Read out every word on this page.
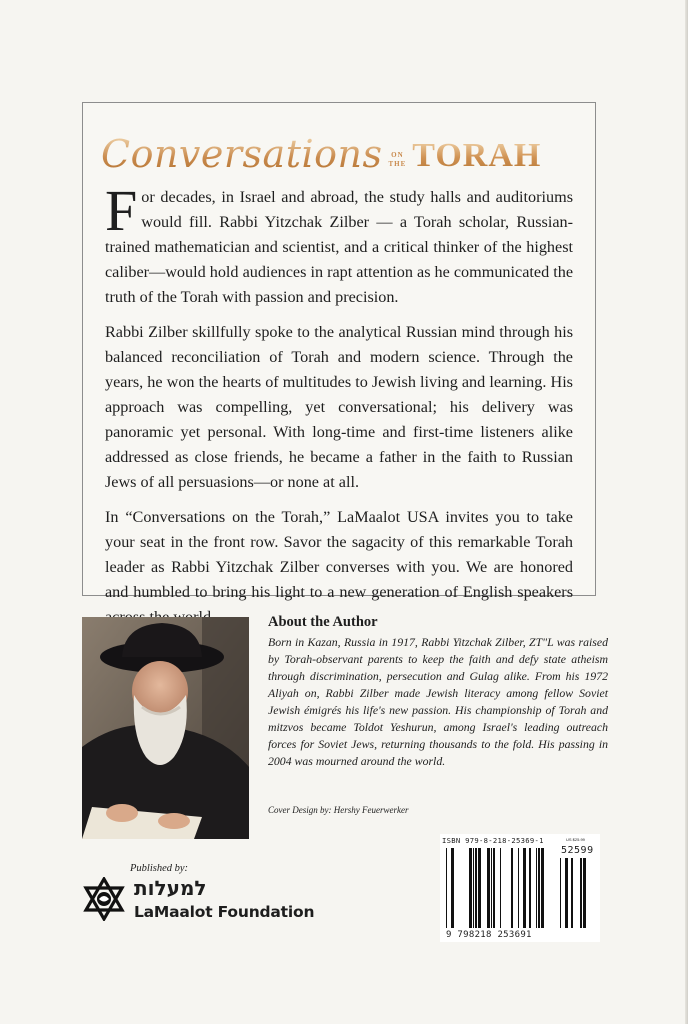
Conversations ON
THE TORAH

For decades, in Israel and abroad, the study halls and auditoriums would fill. Rabbi Yitzchak Zilber — a Torah scholar, Russian-trained mathematician and scientist, and a critical thinker of the highest caliber—would hold audiences in rapt attention as he communicated the truth of the Torah with passion and precision.

Rabbi Zilber skillfully spoke to the analytical Russian mind through his balanced reconciliation of Torah and modern science. Through the years, he won the hearts of multitudes to Jewish living and learning. His approach was compelling, yet conversational; his delivery was panoramic yet personal. With long-time and first-time listeners alike addressed as close friends, he became a father in the faith to Russian Jews of all persuasions—or none at all.

In “Conversations on the Torah,” LaMaalot USA invites you to take your seat in the front row. Savor the sagacity of this remarkable Torah leader as Rabbi Yitzchak Zilber converses with you. We are honored and humbled to bring his light to a new generation of English speakers

About the Author
Born in Kazan, Russia in 1917, Rabbi Yitzchak Zilber, ZT"L was raised by Torah-observant parents to keep the faith and defy state atheism through discrimination, persecution and Gulag alike. From his 1972 Aliyah on, Rabbi Zilber made Jewish literacy among fellow Soviet Jewish émigrés his life's new passion. His championship of Torah and mitzvos became Toldot Yeshurun, among Israel's leading outreach forces for Soviet Jews, returning thousands to the fold. His passing in 2004 was mourned around the world.
Cover Design by: Hershy Feuerwerker
ISBN 979-8-218-25369-1	US $25.99
52599
9 798218 253691
Published by:
למעלות
LaMaalot Foundation
